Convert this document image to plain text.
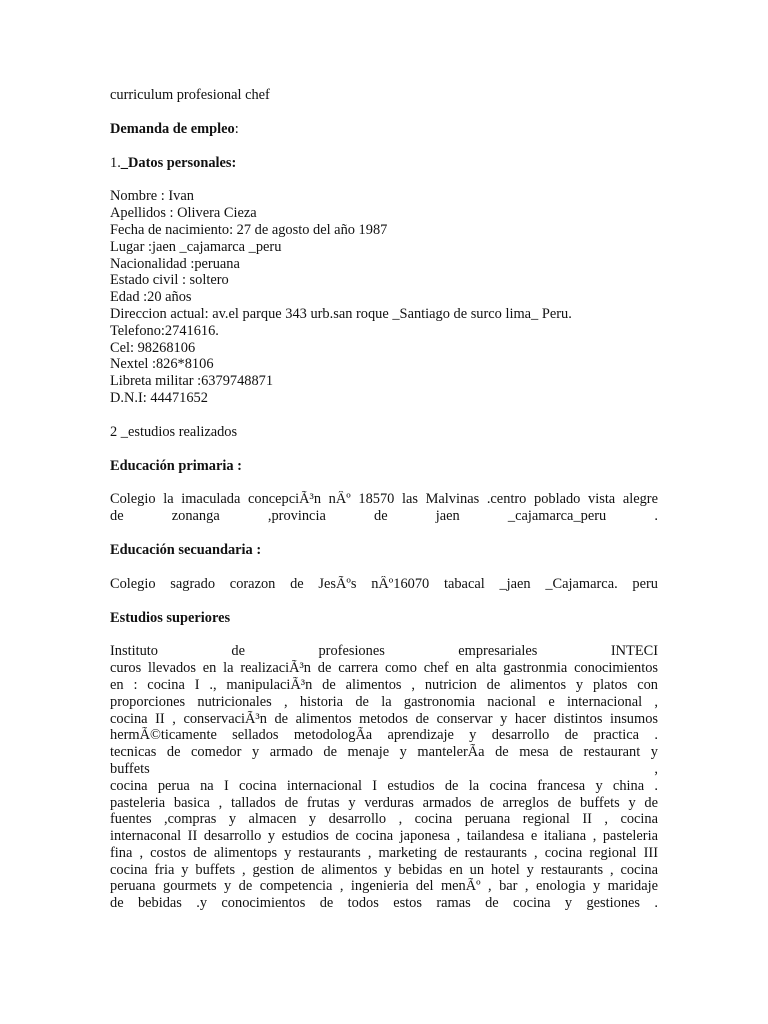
curriculum profesional chef
Demanda de empleo:
1._Datos personales:
Nombre : Ivan
Apellidos : Olivera Cieza
Fecha de nacimiento: 27 de agosto del año 1987
Lugar :jaen _cajamarca _peru
Nacionalidad :peruana
Estado civil : soltero
Edad :20 años
Direccion actual: av.el parque 343 urb.san roque _Santiago de surco lima_ Peru.
Telefono:2741616.
Cel: 98268106
Nextel :826*8106
Libreta militar :6379748871
D.N.I: 44471652
2 _estudios realizados
Educación primaria :
Colegio la imaculada concepciÃ³n nÂº 18570 las Malvinas .centro poblado vista alegre
de zonanga ,provincia de jaen _cajamarca_peru .
Educación secuandaria :
Colegio sagrado corazon de JesÃºs nÂº16070 tabacal _jaen _Cajamarca. peru
Estudios superiores
Instituto de profesiones empresariales INTECI
curos llevados en la realizaciÃ³n de carrera como chef en alta gastronmia conocimientos
en : cocina I ., manipulaciÃ³n de alimentos , nutricion de alimentos y platos con
proporciones nutricionales , historia de la gastronomia nacional e internacional ,
cocina II , conservaciÃ³n de alimentos metodos de conservar y hacer distintos insumos
hermÃ©ticamente sellados metodologÃa aprendizaje y desarrollo de practica .
tecnicas de comedor y armado de menaje y mantelerÃa de mesa de restaurant y
buffets ,
cocina perua na I cocina internacional I estudios de la cocina francesa y china .
pasteleria basica , tallados de frutas y verduras armados de arreglos de buffets y de
fuentes ,compras y almacen y desarrollo , cocina peruana regional II , cocina
internaconal II desarrollo y estudios de cocina japonesa , tailandesa e italiana , pasteleria
fina , costos de alimentops y restaurants , marketing de restaurants , cocina regional III
cocina fria y buffets , gestion de alimentos y bebidas en un hotel y restaurants , cocina
peruana gourmets y de competencia , ingenieria del menÃº , bar , enologia y maridaje
de bebidas .y conocimientos de todos estos ramas de cocina y gestiones .
